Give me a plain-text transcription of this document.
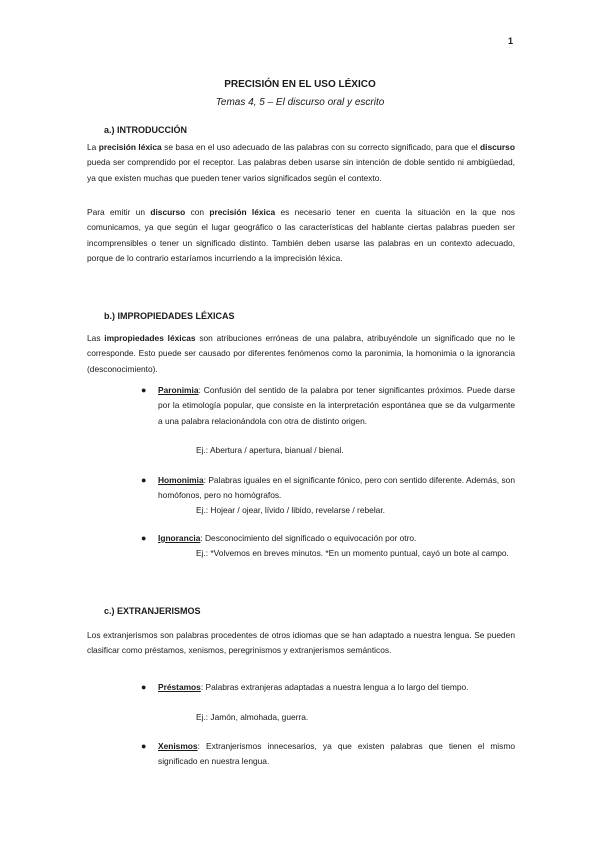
1
PRECISIÓN EN EL USO LÉXICO
Temas 4, 5 – El discurso oral y escrito
a.) INTRODUCCIÓN

La precisión léxica se basa en el uso adecuado de las palabras con su correcto significado, para que el discurso pueda ser comprendido por el receptor. Las palabras deben usarse sin intención de doble sentido ni ambigüedad, ya que existen muchas que pueden tener varios significados según el contexto.

Para emitir un discurso con precisión léxica es necesario tener en cuenta la situación en la que nos comunicamos, ya que según el lugar geográfico o las características del hablante ciertas palabras pueden ser incomprensibles o tener un significado distinto. También deben usarse las palabras en un contexto adecuado, porque de lo contrario estaríamos incurriendo a la imprecisión léxica.

b.) IMPROPIEDADES LÉXICAS

Las impropiedades léxicas son atribuciones erróneas de una palabra, atribuyéndole un significado que no le corresponde. Esto puede ser causado por diferentes fenómenos como la paronimia, la homonimia o la ignorancia (desconocimiento).

● Paronimia: Confusión del sentido de la palabra por tener significantes próximos. Puede darse por la etimología popular, que consiste en la interpretación espontánea que se da vulgarmente a una palabra relacionándola con otra de distinto origen.

Ej.: Abertura / apertura, bianual / bienal.

● Homonimia: Palabras iguales en el significante fónico, pero con sentido diferente. Además, son homófonos, pero no homógrafos.

Ej.: Hojear / ojear, lívido / libido, revelarse / rebelar.

● Ignorancia: Desconocimiento del significado o equivocación por otro.

Ej.: *Volvemos en breves minutos. *En un momento puntual, cayó un bote al campo.

c.) EXTRANJERISMOS

Los extranjerismos son palabras procedentes de otros idiomas que se han adaptado a nuestra lengua. Se pueden clasificar como préstamos, xenismos, peregrinismos y extranjerismos semánticos.

● Préstamos: Palabras extranjeras adaptadas a nuestra lengua a lo largo del tiempo.

Ej.: Jamón, almohada, guerra.

● Xenismos: Extranjerismos innecesarios, ya que existen palabras que tienen el mismo significado en nuestra lengua.
